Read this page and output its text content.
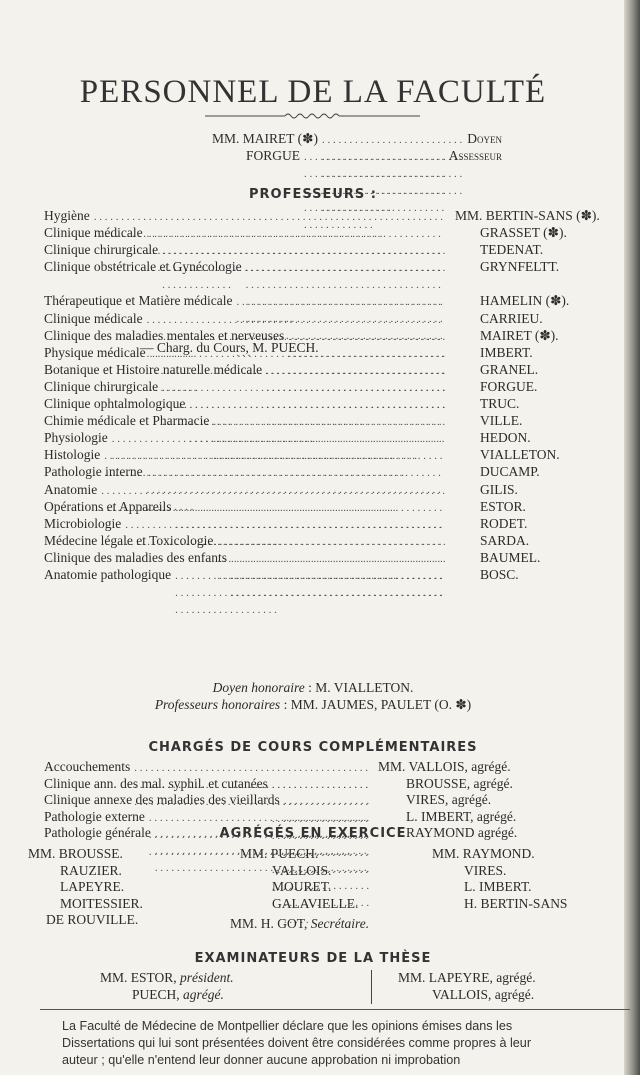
PERSONNEL DE LA FACULTÉ
MM. MAIRET (✽) . . .	Doyen
FORGUE . . .	Assesseur
PROFESSEURS :
Hygiène . . .	MM. BERTIN-SANS (✽).
Clinique médicale . . .	GRASSET (✽).
Clinique chirurgicale . . .	TEDENAT.
Clinique obstétricale et Gynécologie . . .	GRYNFELTT.
Thérapeutique et Matière médicale . . .	HAMELIN (✽).
Clinique médicale . . .	CARRIEU.
Clinique des maladies mentales et nerveuses . . .	MAIRET (✽).
Physique médicale . . .	IMBERT.
Botanique et Histoire naturelle médicale . . .	GRANEL.
Clinique chirurgicale . . .	FORGUE.
Clinique ophtalmologique . . .	TRUC.
Chimie médicale et Pharmacie . . .	VILLE.
Physiologie . . .	HEDON.
Histologie . . .	VIALLETON.
Pathologie interne . . .	DUCAMP.
Anatomie . . .	GILIS.
Opérations et Appareils . . .	ESTOR.
Microbiologie . . .	RODET.
Médecine légale et Toxicologie . . .	SARDA.
Clinique des maladies des enfants . . .	BAUMEL.
Anatomie pathologique . . .	BOSC.
— Charg. du Cours, M. PUECH.
Doyen honoraire : M. VIALLETON.
Professeurs honoraires : MM. JAUMES, PAULET (O. ✽)
CHARGÉS DE COURS COMPLÉMENTAIRES
Accouchements . . .	MM. VALLOIS, agrégé.
Clinique ann. des mal. syphil. et cutanées . . .	BROUSSE, agrégé.
Clinique annexe des maladies des vieillards . . .	VIRES, agrégé.
Pathologie externe . . .	L. IMBERT, agrégé.
Pathologie générale . . .	RAYMOND agrégé.
AGRÉGÉS EN EXERCICE
MM. BROUSSE.
RAUZIER.
LAPEYRE.
MOITESSIER.
DE ROUVILLE.
MM. PUECH.
VALLOIS.
MOURET.
GALAVIELLE.
MM. RAYMOND.
VIRES.
L. IMBERT.
H. BERTIN-SANS
MM. H. GOT, Secrétaire.
EXAMINATEURS DE LA THÈSE
MM. ESTOR, président.
PUECH, agrégé.
MM. LAPEYRE, agrégé.
VALLOIS, agrégé.
La Faculté de Médecine de Montpellier déclare que les opinions émises dans les
Dissertations qui lui sont présentées doivent être considérées comme propres à leur
auteur ; qu'elle n'entend leur donner aucune approbation ni improbation
